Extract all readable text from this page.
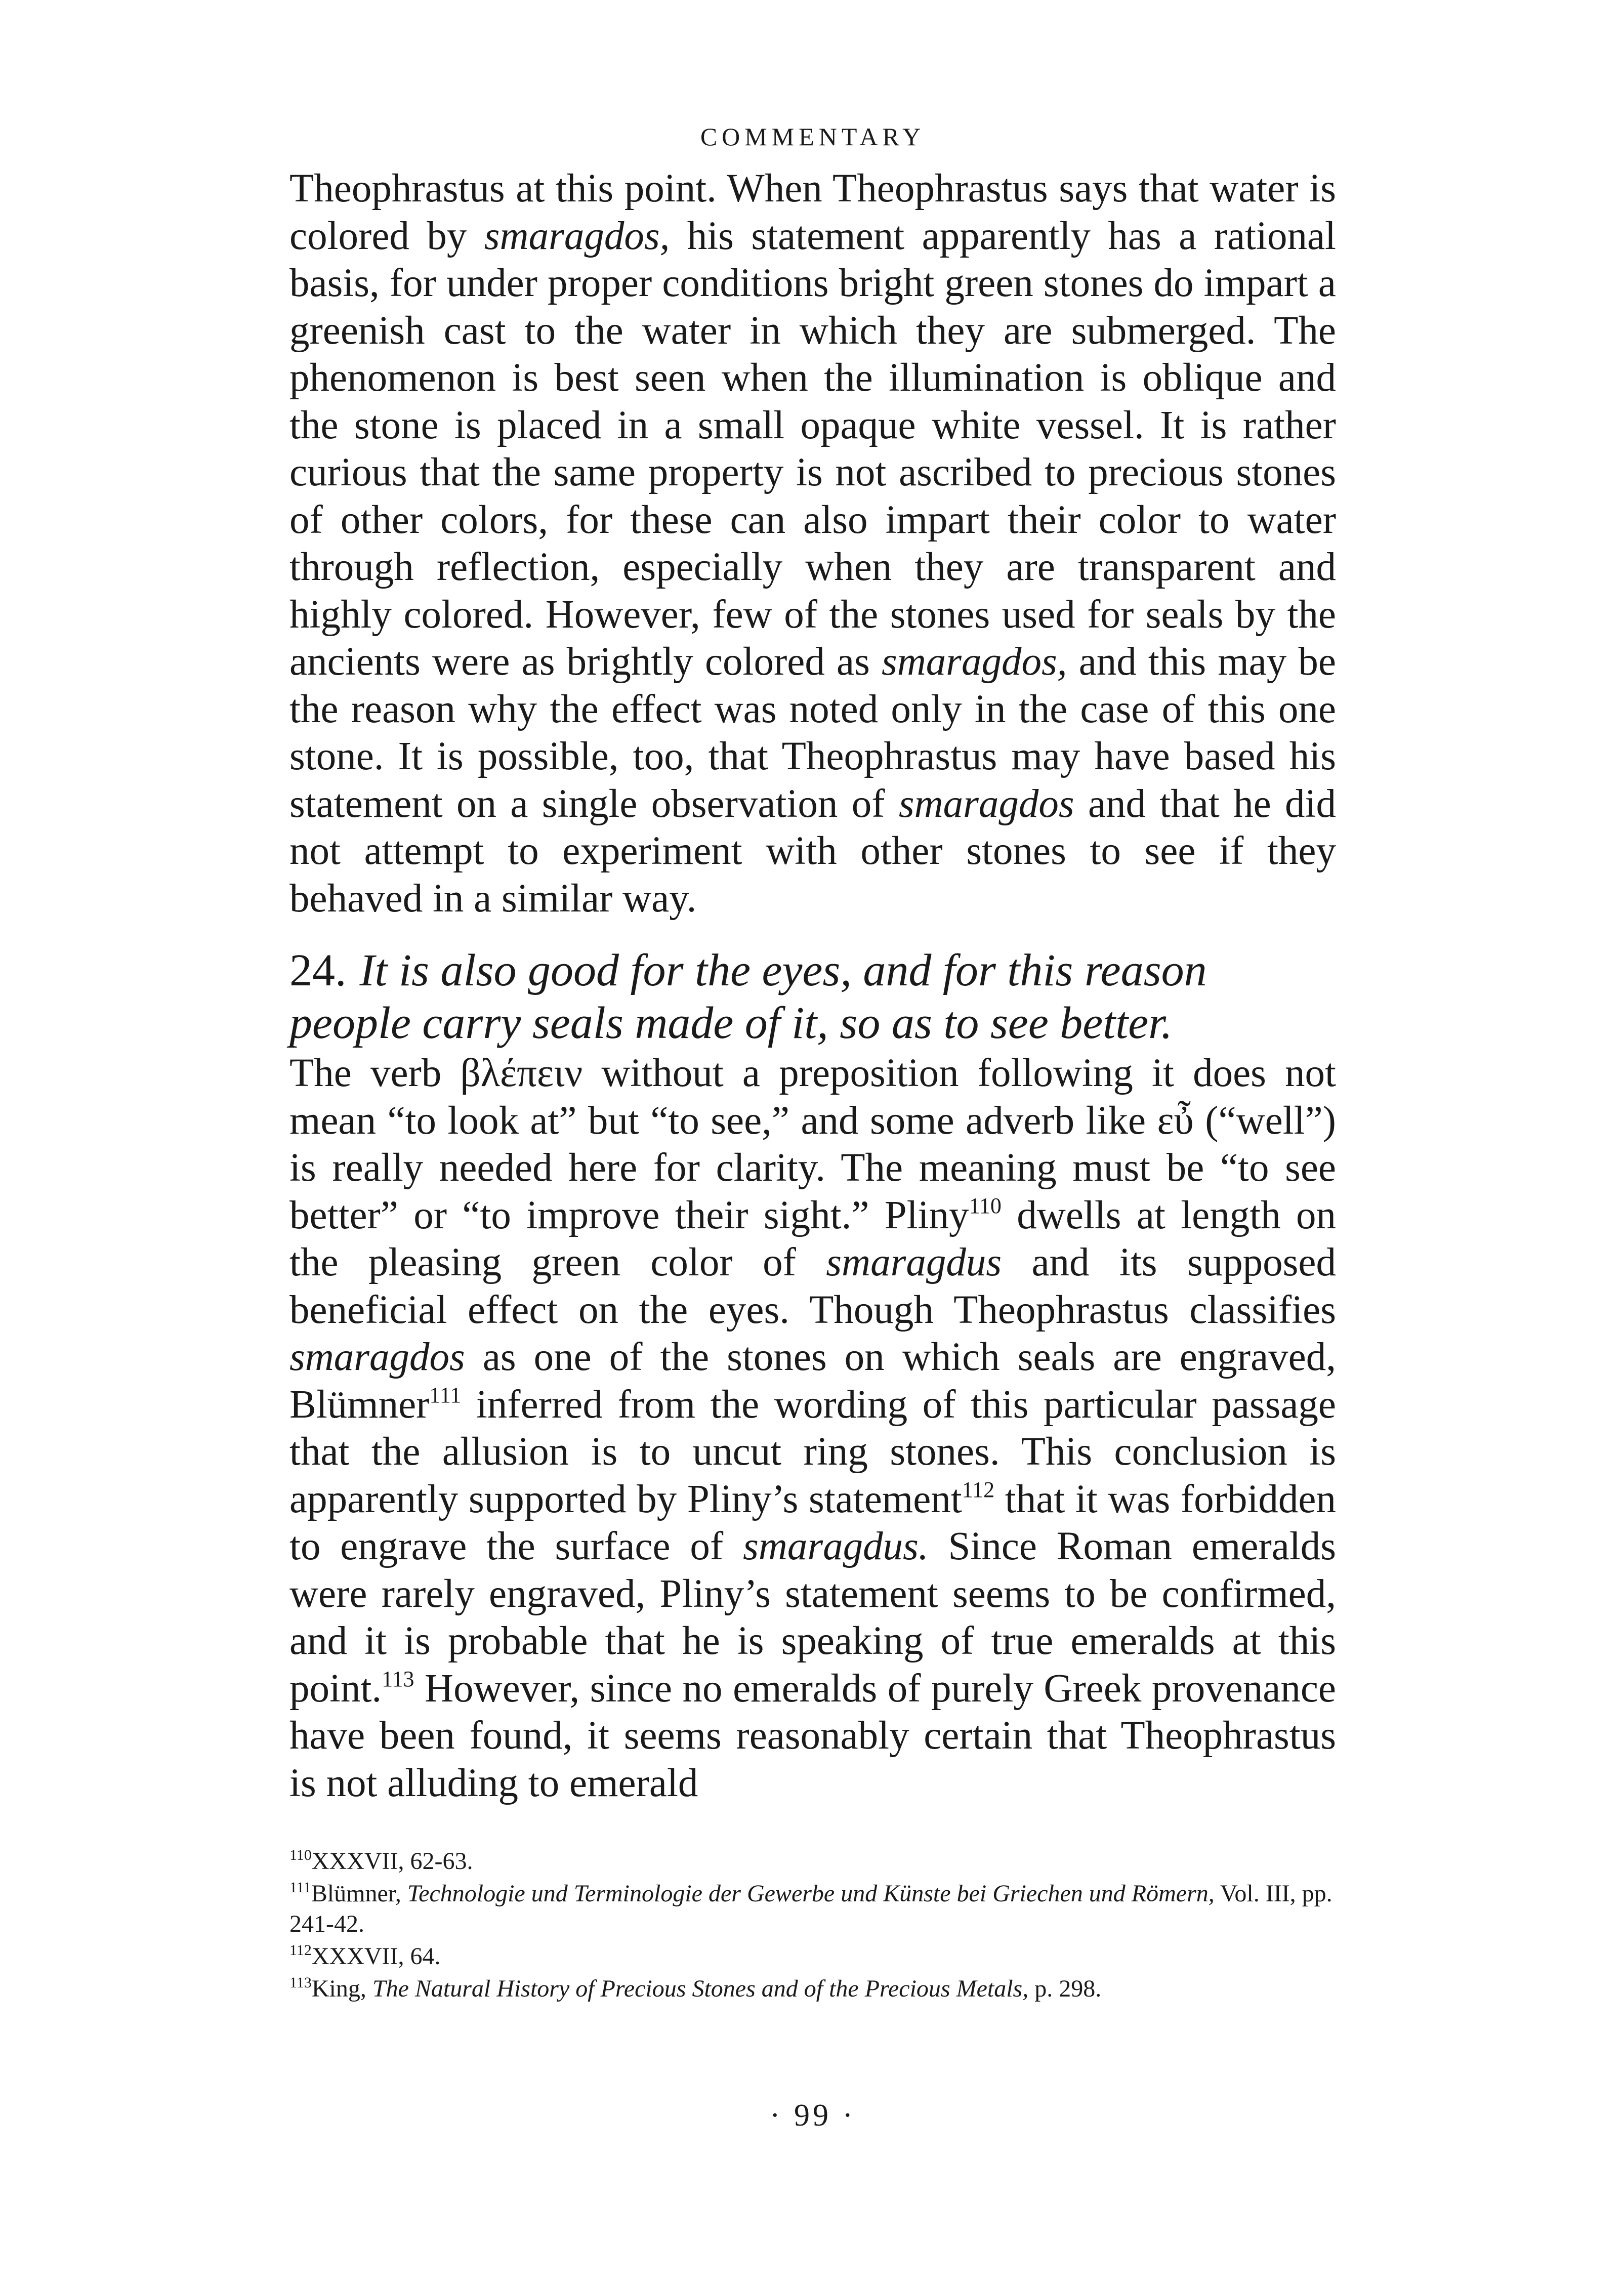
COMMENTARY

Theophrastus at this point. When Theophrastus says that water is colored by smaragdos, his statement apparently has a rational basis, for under proper conditions bright green stones do impart a greenish cast to the water in which they are submerged. The phenomenon is best seen when the illumination is oblique and the stone is placed in a small opaque white vessel. It is rather curious that the same property is not ascribed to precious stones of other colors, for these can also impart their color to water through reflection, especially when they are transparent and highly colored. However, few of the stones used for seals by the ancients were as brightly colored as smaragdos, and this may be the reason why the effect was noted only in the case of this one stone. It is possible, too, that Theophrastus may have based his statement on a single observation of smaragdos and that he did not attempt to experiment with other stones to see if they behaved in a similar way.

24. It is also good for the eyes, and for this reason people carry seals made of it, so as to see better.

The verb βλέπειν without a preposition following it does not mean “to look at” but “to see,” and some adverb like εὖ (“well”) is really needed here for clarity. The meaning must be “to see better” or “to improve their sight.” Pliny$^{110}$ dwells at length on the pleasing green color of smaragdus and its supposed beneficial effect on the eyes. Though Theophrastus classifies smaragdos as one of the stones on which seals are engraved, Blümner$^{111}$ inferred from the wording of this particular passage that the allusion is to uncut ring stones. This conclusion is apparently supported by Pliny’s statement$^{112}$ that it was forbidden to engrave the surface of smaragdus. Since Roman emeralds were rarely engraved, Pliny’s statement seems to be confirmed, and it is probable that he is speaking of true emeralds at this point.$^{113}$ However, since no emeralds of purely Greek provenance have been found, it seems reasonably certain that Theophrastus is not alluding to emerald

$^{110}$XXXVII, 62-63.

$^{111}$Blümner, Technologie und Terminologie der Gewerbe und Künste bei Griechen und Römern, Vol. III, pp. 241-42.

$^{112}$XXXVII, 64.

$^{113}$King, The Natural History of Precious Stones and of the Precious Metals, p. 298.

· 99 ·
